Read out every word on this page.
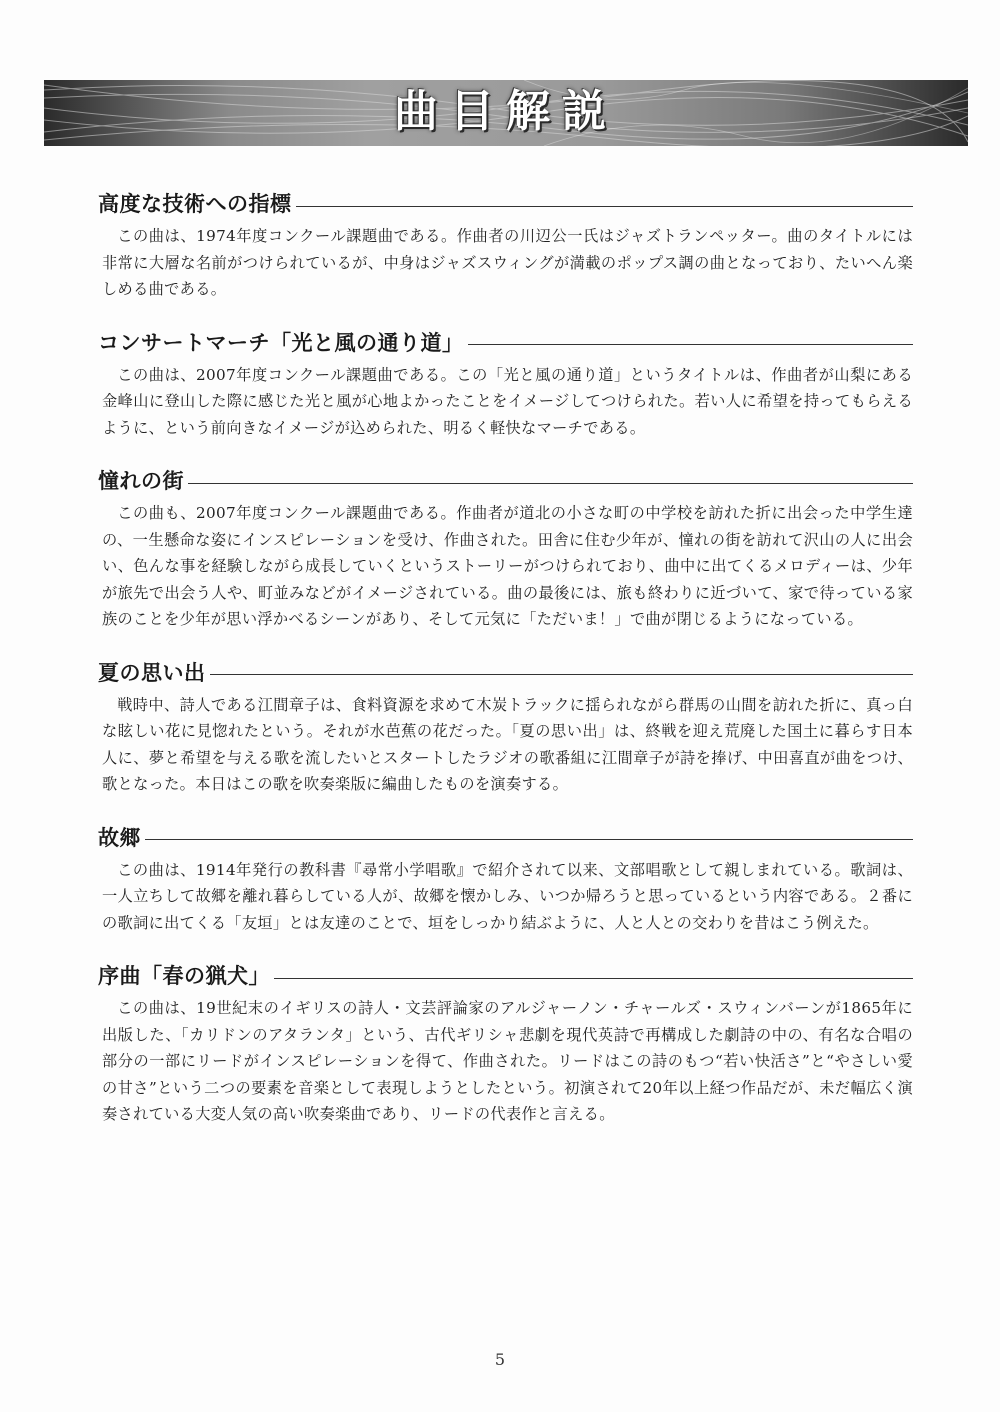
曲目解説
高度な技術への指標

この曲は、1974年度コンクール課題曲である。作曲者の川辺公一氏はジャズトランペッター。曲のタイトルには非常に大層な名前がつけられているが、中身はジャズスウィングが満載のポップス調の曲となっており、たいへん楽しめる曲である。

コンサートマーチ「光と風の通り道」

この曲は、2007年度コンクール課題曲である。この「光と風の通り道」というタイトルは、作曲者が山梨にある金峰山に登山した際に感じた光と風が心地よかったことをイメージしてつけられた。若い人に希望を持ってもらえるように、という前向きなイメージが込められた、明るく軽快なマーチである。

憧れの街

この曲も、2007年度コンクール課題曲である。作曲者が道北の小さな町の中学校を訪れた折に出会った中学生達の、一生懸命な姿にインスピレーションを受け、作曲された。田舎に住む少年が、憧れの街を訪れて沢山の人に出会い、色んな事を経験しながら成長していくというストーリーがつけられており、曲中に出てくるメロディーは、少年が旅先で出会う人や、町並みなどがイメージされている。曲の最後には、旅も終わりに近づいて、家で待っている家族のことを少年が思い浮かべるシーンがあり、そして元気に「ただいま！」で曲が閉じるようになっている。

夏の思い出

戦時中、詩人である江間章子は、食料資源を求めて木炭トラックに揺られながら群馬の山間を訪れた折に、真っ白な眩しい花に見惚れたという。それが水芭蕉の花だった。「夏の思い出」は、終戦を迎え荒廃した国土に暮らす日本人に、夢と希望を与える歌を流したいとスタートしたラジオの歌番組に江間章子が詩を捧げ、中田喜直が曲をつけ、歌となった。本日はこの歌を吹奏楽版に編曲したものを演奏する。

故郷

この曲は、1914年発行の教科書『尋常小学唱歌』で紹介されて以来、文部唱歌として親しまれている。歌詞は、一人立ちして故郷を離れ暮らしている人が、故郷を懐かしみ、いつか帰ろうと思っているという内容である。２番にの歌詞に出てくる「友垣」とは友達のことで、垣をしっかり結ぶように、人と人との交わりを昔はこう例えた。

序曲「春の猟犬」

この曲は、19世紀末のイギリスの詩人・文芸評論家のアルジャーノン・チャールズ・スウィンバーンが1865年に出版した、「カリドンのアタランタ」という、古代ギリシャ悲劇を現代英詩で再構成した劇詩の中の、有名な合唱の部分の一部にリードがインスピレーションを得て、作曲された。リードはこの詩のもつ“若い快活さ”と“やさしい愛の甘さ”という二つの要素を音楽として表現しようとしたという。初演されて20年以上経つ作品だが、未だ幅広く演奏されている大変人気の高い吹奏楽曲であり、リードの代表作と言える。

5
